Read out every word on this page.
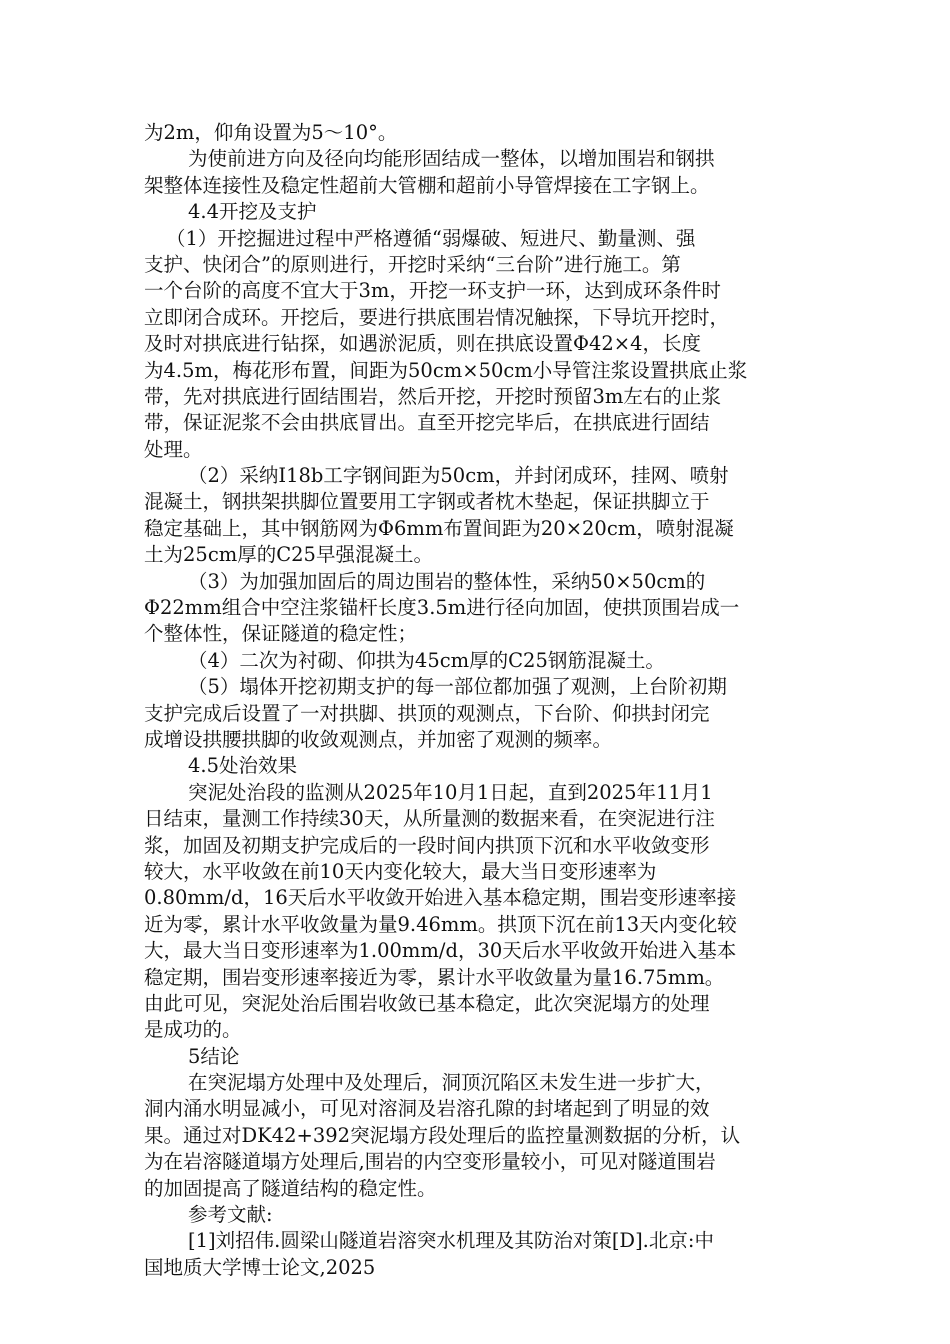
为2m，仰角设置为5～10°。
为使前进方向及径向均能形固结成一整体，以增加围岩和钢拱
架整体连接性及稳定性超前大管棚和超前小导管焊接在工字钢上。
4.4开挖及支护
（1）开挖掘进过程中严格遵循“弱爆破、短进尺、勤量测、强
支护、快闭合”的原则进行，开挖时采纳“三台阶”进行施工。第
一个台阶的高度不宜大于3m，开挖一环支护一环，达到成环条件时
立即闭合成环。开挖后，要进行拱底围岩情况触探，下导坑开挖时，
及时对拱底进行钻探，如遇淤泥质，则在拱底设置Φ42×4，长度
为4.5m，梅花形布置，间距为50cm×50cm小导管注浆设置拱底止浆
带，先对拱底进行固结围岩，然后开挖，开挖时预留3m左右的止浆
带，保证泥浆不会由拱底冒出。直至开挖完毕后，在拱底进行固结
处理。
（2）采纳I18b工字钢间距为50cm，并封闭成环，挂网、喷射
混凝土，钢拱架拱脚位置要用工字钢或者枕木垫起，保证拱脚立于
稳定基础上，其中钢筋网为Φ6mm布置间距为20×20cm，喷射混凝
土为25cm厚的C25早强混凝土。
（3）为加强加固后的周边围岩的整体性，采纳50×50cm的
Φ22mm组合中空注浆锚杆长度3.5m进行径向加固，使拱顶围岩成一
个整体性，保证隧道的稳定性；
（4）二次为衬砌、仰拱为45cm厚的C25钢筋混凝土。
（5）塌体开挖初期支护的每一部位都加强了观测，上台阶初期
支护完成后设置了一对拱脚、拱顶的观测点，下台阶、仰拱封闭完
成增设拱腰拱脚的收敛观测点，并加密了观测的频率。
4.5处治效果
突泥处治段的监测从2025年10月1日起，直到2025年11月1
日结束，量测工作持续30天，从所量测的数据来看，在突泥进行注
浆，加固及初期支护完成后的一段时间内拱顶下沉和水平收敛变形
较大，水平收敛在前10天内变化较大，最大当日变形速率为
0.80mm/d，16天后水平收敛开始进入基本稳定期，围岩变形速率接
近为零，累计水平收敛量为量9.46mm。拱顶下沉在前13天内变化较
大，最大当日变形速率为1.00mm/d，30天后水平收敛开始进入基本
稳定期，围岩变形速率接近为零，累计水平收敛量为量16.75mm。
由此可见，突泥处治后围岩收敛已基本稳定，此次突泥塌方的处理
是成功的。
5结论
在突泥塌方处理中及处理后，洞顶沉陷区未发生进一步扩大，
洞内涌水明显减小，可见对溶洞及岩溶孔隙的封堵起到了明显的效
果。通过对DK42+392突泥塌方段处理后的监控量测数据的分析，认
为在岩溶隧道塌方处理后,围岩的内空变形量较小，可见对隧道围岩
的加固提高了隧道结构的稳定性。
参考文献:
[1]刘招伟.圆梁山隧道岩溶突水机理及其防治对策[D].北京:中
国地质大学博士论文,2025
